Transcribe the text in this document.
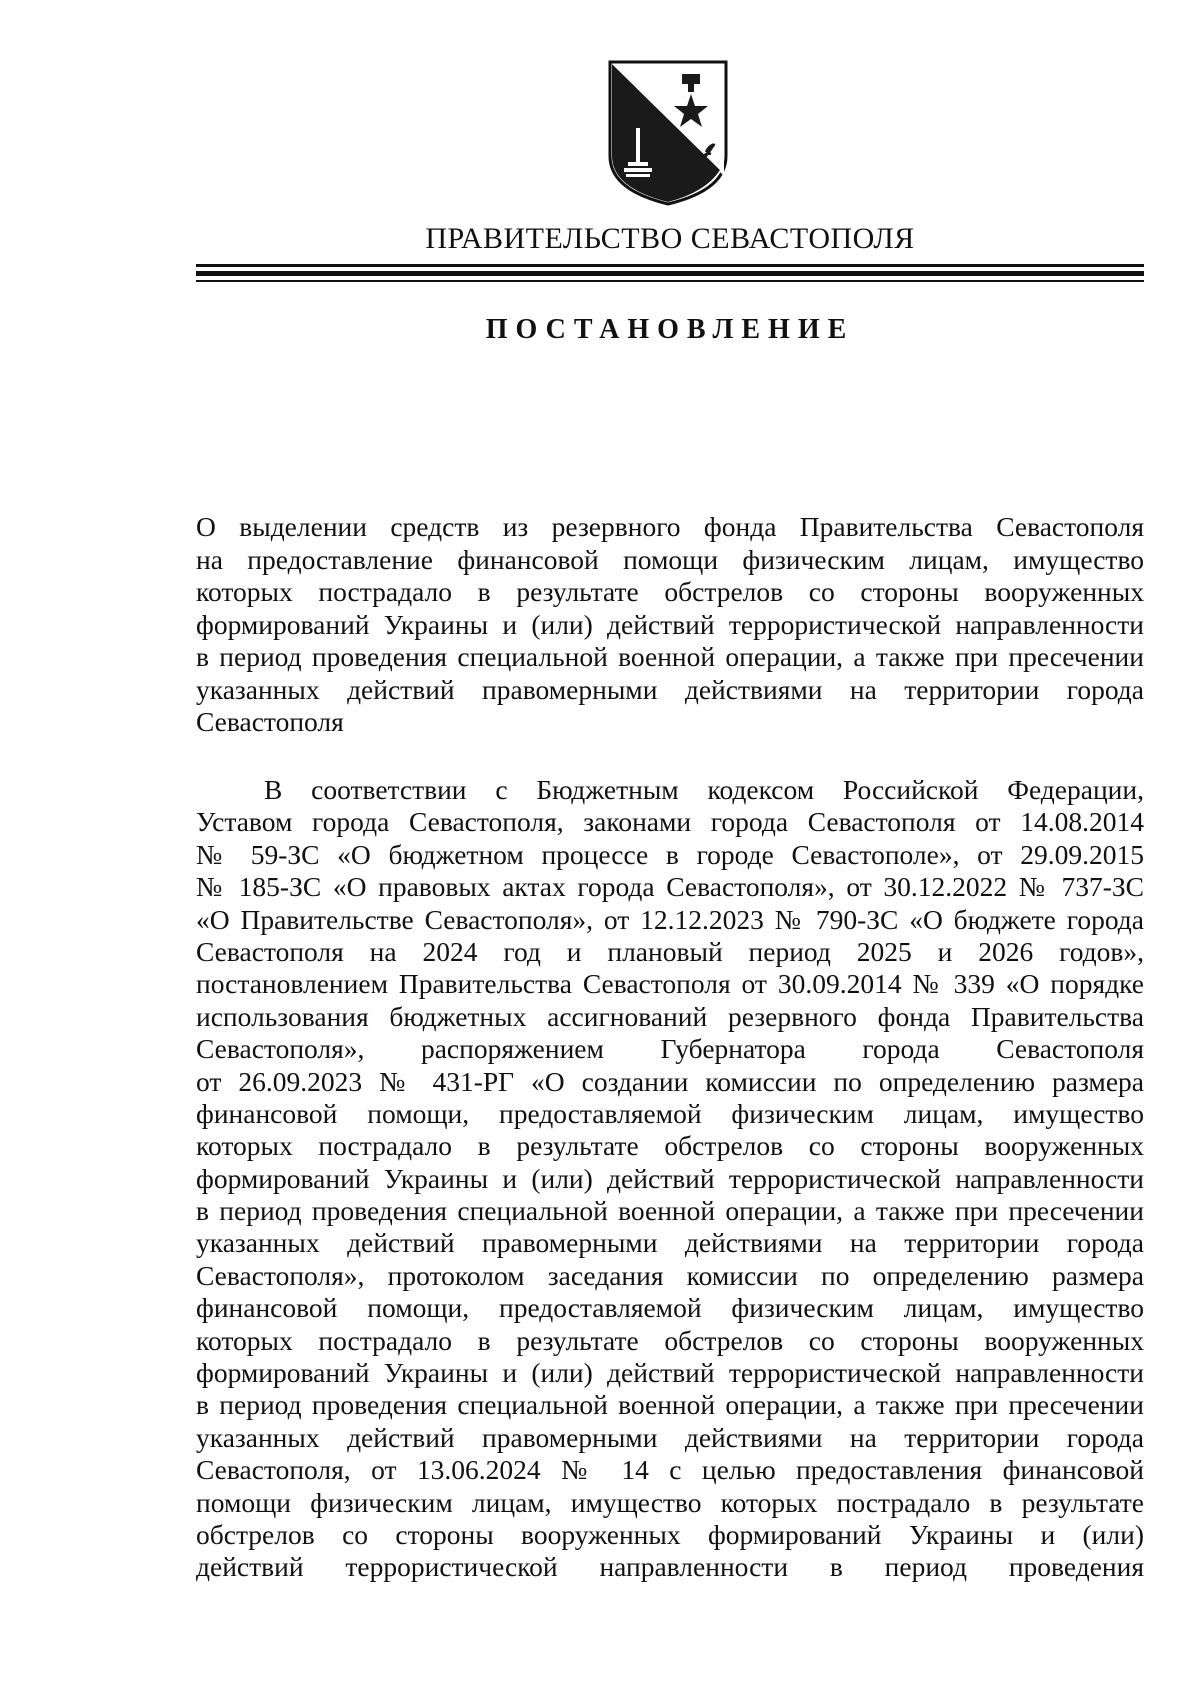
ПРАВИТЕЛЬСТВО СЕВАСТОПОЛЯ
ПОСТАНОВЛЕНИЕ
О выделении средств из резервного фонда Правительства Севастополя
на предоставление финансовой помощи физическим лицам, имущество
которых пострадало в результате обстрелов со стороны вооруженных
формирований Украины и (или) действий террористической направленности
в период проведения специальной военной операции, а также при пресечении
указанных действий правомерными действиями на территории города
Севастополя
В соответствии с Бюджетным кодексом Российской Федерации,
Уставом города Севастополя, законами города Севастополя от 14.08.2014
№ 59-ЗС «О бюджетном процессе в городе Севастополе», от 29.09.2015
№ 185-ЗС «О правовых актах города Севастополя», от 30.12.2022 № 737-ЗС
«О Правительстве Севастополя», от 12.12.2023 № 790-ЗС «О бюджете города
Севастополя на 2024 год и плановый период 2025 и 2026 годов»,
постановлением Правительства Севастополя от 30.09.2014 № 339 «О порядке
использования бюджетных ассигнований резервного фонда Правительства
Севастополя», распоряжением Губернатора города Севастополя
от 26.09.2023 № 431-РГ «О создании комиссии по определению размера
финансовой помощи, предоставляемой физическим лицам, имущество
которых пострадало в результате обстрелов со стороны вооруженных
формирований Украины и (или) действий террористической направленности
в период проведения специальной военной операции, а также при пресечении
указанных действий правомерными действиями на территории города
Севастополя», протоколом заседания комиссии по определению размера
финансовой помощи, предоставляемой физическим лицам, имущество
которых пострадало в результате обстрелов со стороны вооруженных
формирований Украины и (или) действий террористической направленности
в период проведения специальной военной операции, а также при пресечении
указанных действий правомерными действиями на территории города
Севастополя, от 13.06.2024 № 14 с целью предоставления финансовой
помощи физическим лицам, имущество которых пострадало в результате
обстрелов со стороны вооруженных формирований Украины и (или)
действий террористической направленности в период проведения
